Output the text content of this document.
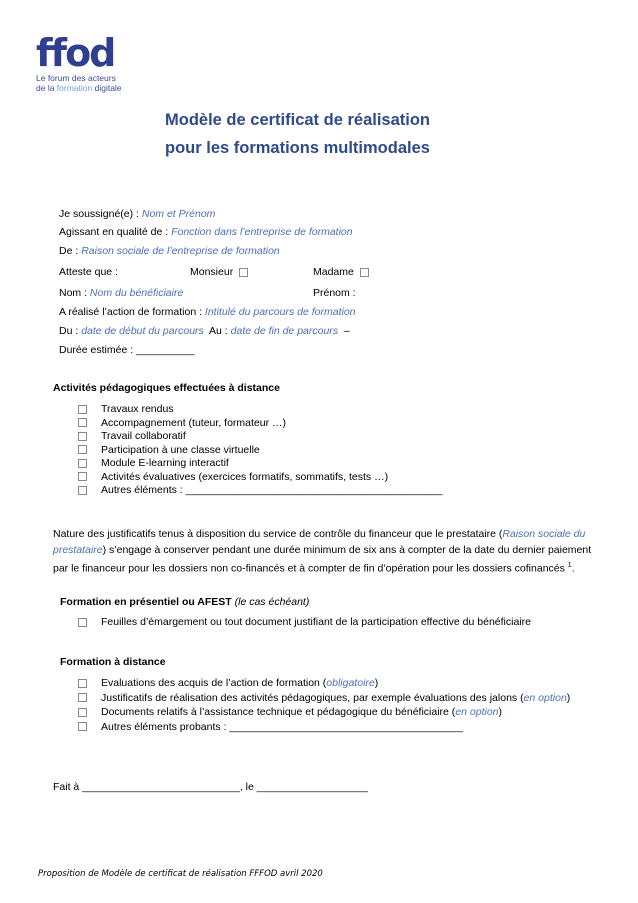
ffod
Le forum des acteurs
de la formation digitale
Modèle de certificat de réalisation
pour les formations multimodales
Je soussigné(e) : Nom et Prénom
Agissant en qualité de : Fonction dans l’entreprise de formation
De : Raison sociale de l’entreprise de formation
Atteste que :	Monsieur	Madame
Nom : Nom du bénéficiaire	Prénom :
A réalisé l’action de formation : Intitulé du parcours de formation
Du : date de début du parcours  Au : date de fin de parcours  –
Durée estimée : __________
Activités pédagogiques effectuées à distance
Travaux rendus
Accompagnement (tuteur, formateur …)
Travail collaboratif
Participation à une classe virtuelle
Module E-learning interactif
Activités évaluatives (exercices formatifs, sommatifs, tests …)
Autres éléments : ____________________________________________
Nature des justificatifs tenus à disposition du service de contrôle du financeur que le prestataire (Raison sociale du prestataire) s’engage à conserver pendant une durée minimum de six ans à compter de la date du dernier paiement par le financeur pour les dossiers non co-financés et à compter de fin d’opération pour les dossiers cofinancés $^1$.
Formation en présentiel ou AFEST (le cas échéant)
Feuilles d’émargement ou tout document justifiant de la participation effective du bénéficiaire
Formation à distance
Evaluations des acquis de l’action de formation (obligatoire)
Justificatifs de réalisation des activités pédagogiques, par exemple évaluations des jalons (en option)
Documents relatifs à l’assistance technique et pédagogique du bénéficiaire (en option)
Autres éléments probants : ________________________________________
Fait à ___________________________, le ___________________
Proposition de Modèle de certificat de réalisation FFFOD avril 2020
